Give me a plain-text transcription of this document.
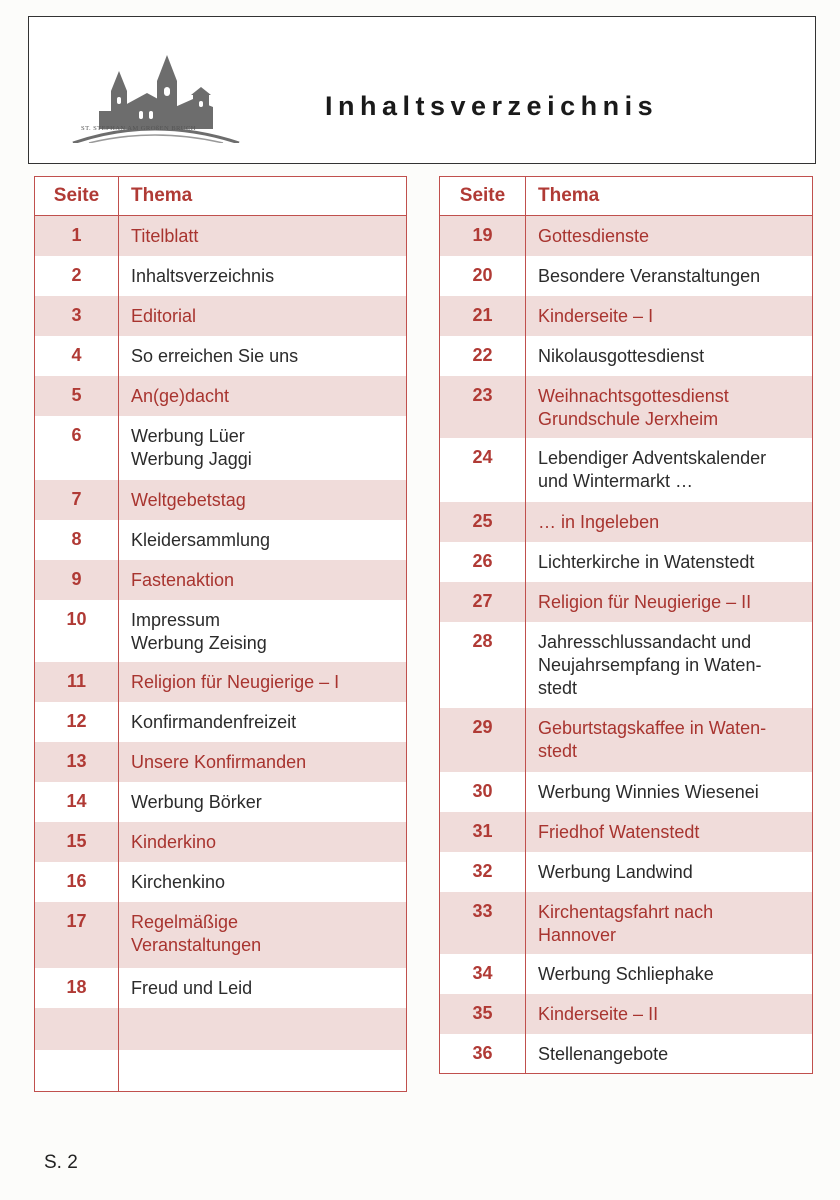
ST. STEPHAN AM GROßEN BRUCH
Inhaltsverzeichnis
Seite	Thema
1	Titelblatt

2	Inhaltsverzeichnis

3	Editorial

4	So erreichen Sie uns

5	An(ge)dacht

6	Werbung Lüer
Werbung Jaggi

7	Weltgebetstag

8	Kleidersammlung

9	Fastenaktion

10	Impressum
Werbung Zeising

11	Religion für Neugierige – I

12	Konfirmandenfreizeit

13	Unsere Konfirmanden

14	Werbung Börker

15	Kinderkino

16	Kirchenkino

17	Regelmäßige
Veranstaltungen

18	Freud und Leid

Seite	Thema
19	Gottesdienste

20	Besondere Veranstaltungen

21	Kinderseite – I

22	Nikolausgottesdienst

23	Weihnachtsgottesdienst
Grundschule Jerxheim

24	Lebendiger Adventskalender
und Wintermarkt …

25	… in Ingeleben

26	Lichterkirche in Watenstedt

27	Religion für Neugierige – II

28	Jahresschlussandacht und
Neujahrsempfang in Waten-
stedt

29	Geburtstagskaffee in Waten-
stedt

30	Werbung Winnies Wiesenei

31	Friedhof Watenstedt

32	Werbung Landwind

33	Kirchentagsfahrt nach
Hannover

34	Werbung Schliephake

35	Kinderseite – II

36	Stellenangebote

S. 2
